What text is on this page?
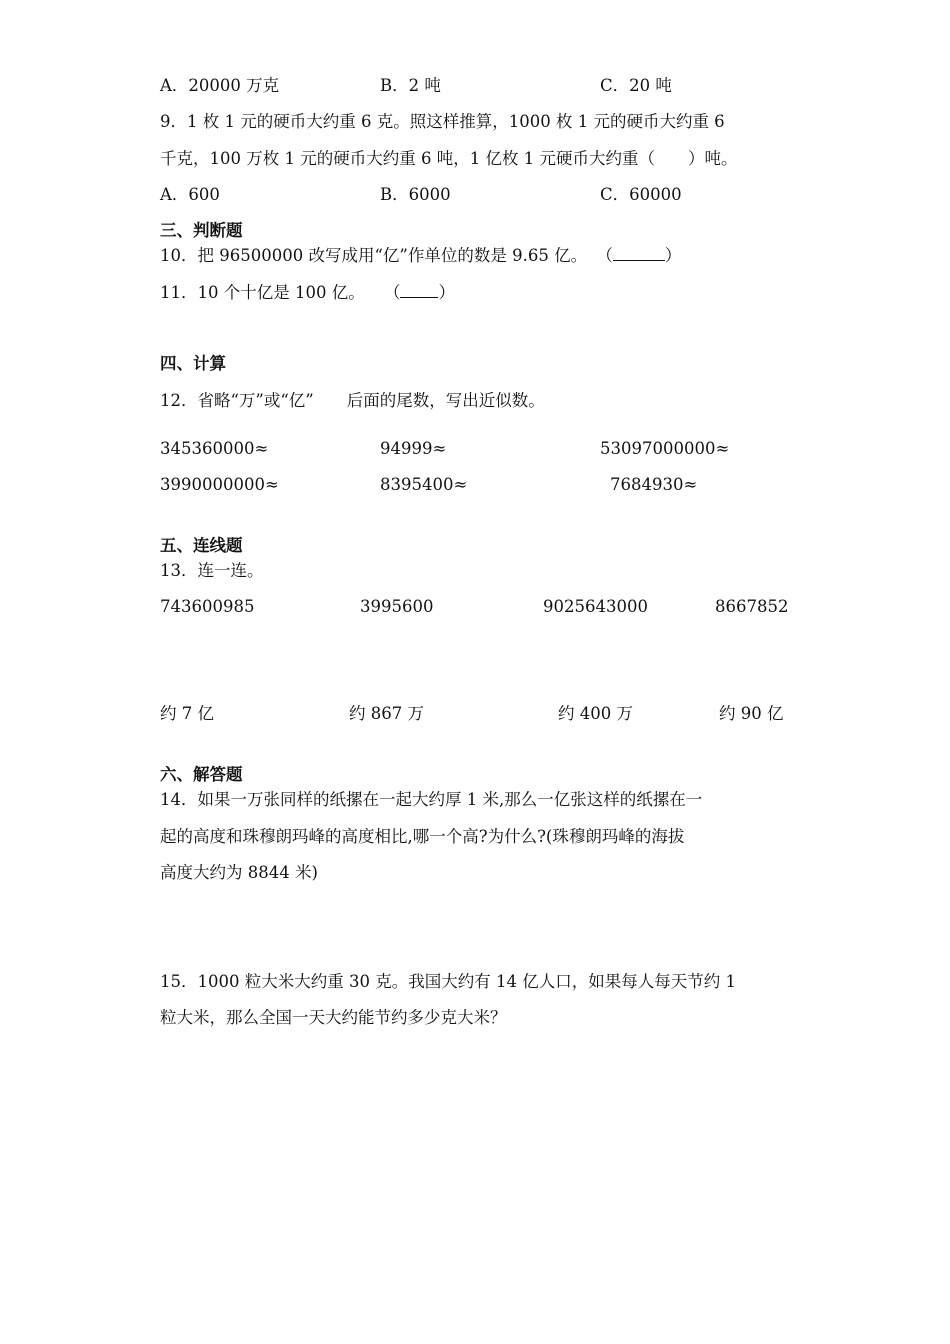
A．20000 万克	B．2 吨	C．20 吨
9．1 枚 1 元的硬币大约重 6 克。照这样推算，1000 枚 1 元的硬币大约重 6
千克，100 万枚 1 元的硬币大约重 6 吨，1 亿枚 1 元硬币大约重（　　）吨。
A．600	B．6000	C．60000
三、判断题
10．把 96500000 改写成用“亿”作单位的数是 9.65 亿。 （	）
11．10 个十亿是 100 亿。 （ ）
四、计算
12．省略“万”或“亿”　　后面的尾数，写出近似数。
345360000≈	94999≈	53097000000≈
3990000000≈	8395400≈	7684930≈
五、连线题
13．连一连。
743600985	3995600	9025643000	8667852
约 7 亿	约 867 万	约 400 万	约 90 亿
六、解答题
14．如果一万张同样的纸摞在一起大约厚 1 米,那么一亿张这样的纸摞在一
起的高度和珠穆朗玛峰的高度相比,哪一个高?为什么?(珠穆朗玛峰的海拔
高度大约为 8844 米)
15．1000 粒大米大约重 30 克。我国大约有 14 亿人口，如果每人每天节约 1
粒大米，那么全国一天大约能节约多少克大米？
